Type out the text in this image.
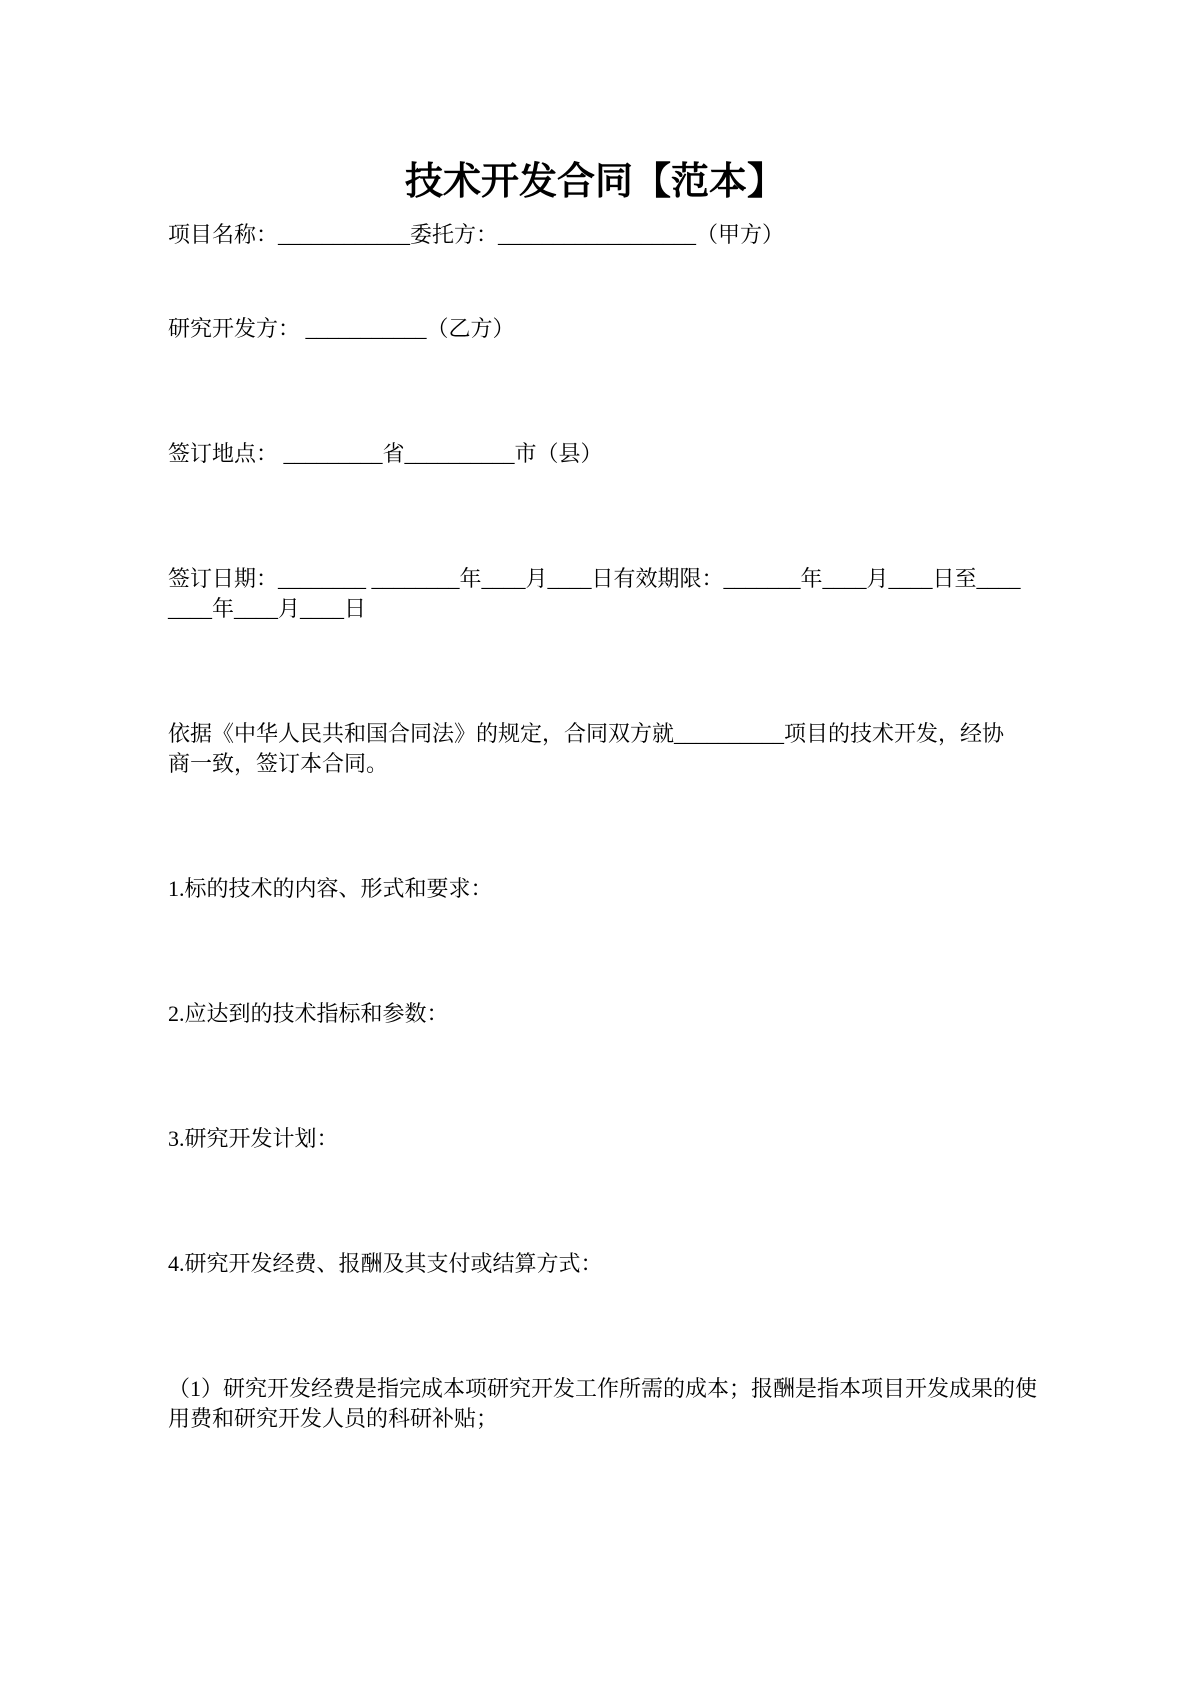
技术开发合同【范本】
项目名称：____________委托方：__________________（甲方）
研究开发方： ___________（乙方）
签订地点： _________省__________市（县）
签订日期：________ ________年____月____日有效期限：_______年____月____日至____
____年____月____日
依据《中华人民共和国合同法》的规定，合同双方就__________项目的技术开发，经协
商一致，签订本合同。
1.标的技术的内容、形式和要求：
2.应达到的技术指标和参数：
3.研究开发计划：
4.研究开发经费、报酬及其支付或结算方式：
（1）研究开发经费是指完成本项研究开发工作所需的成本；报酬是指本项目开发成果的使
用费和研究开发人员的科研补贴；
